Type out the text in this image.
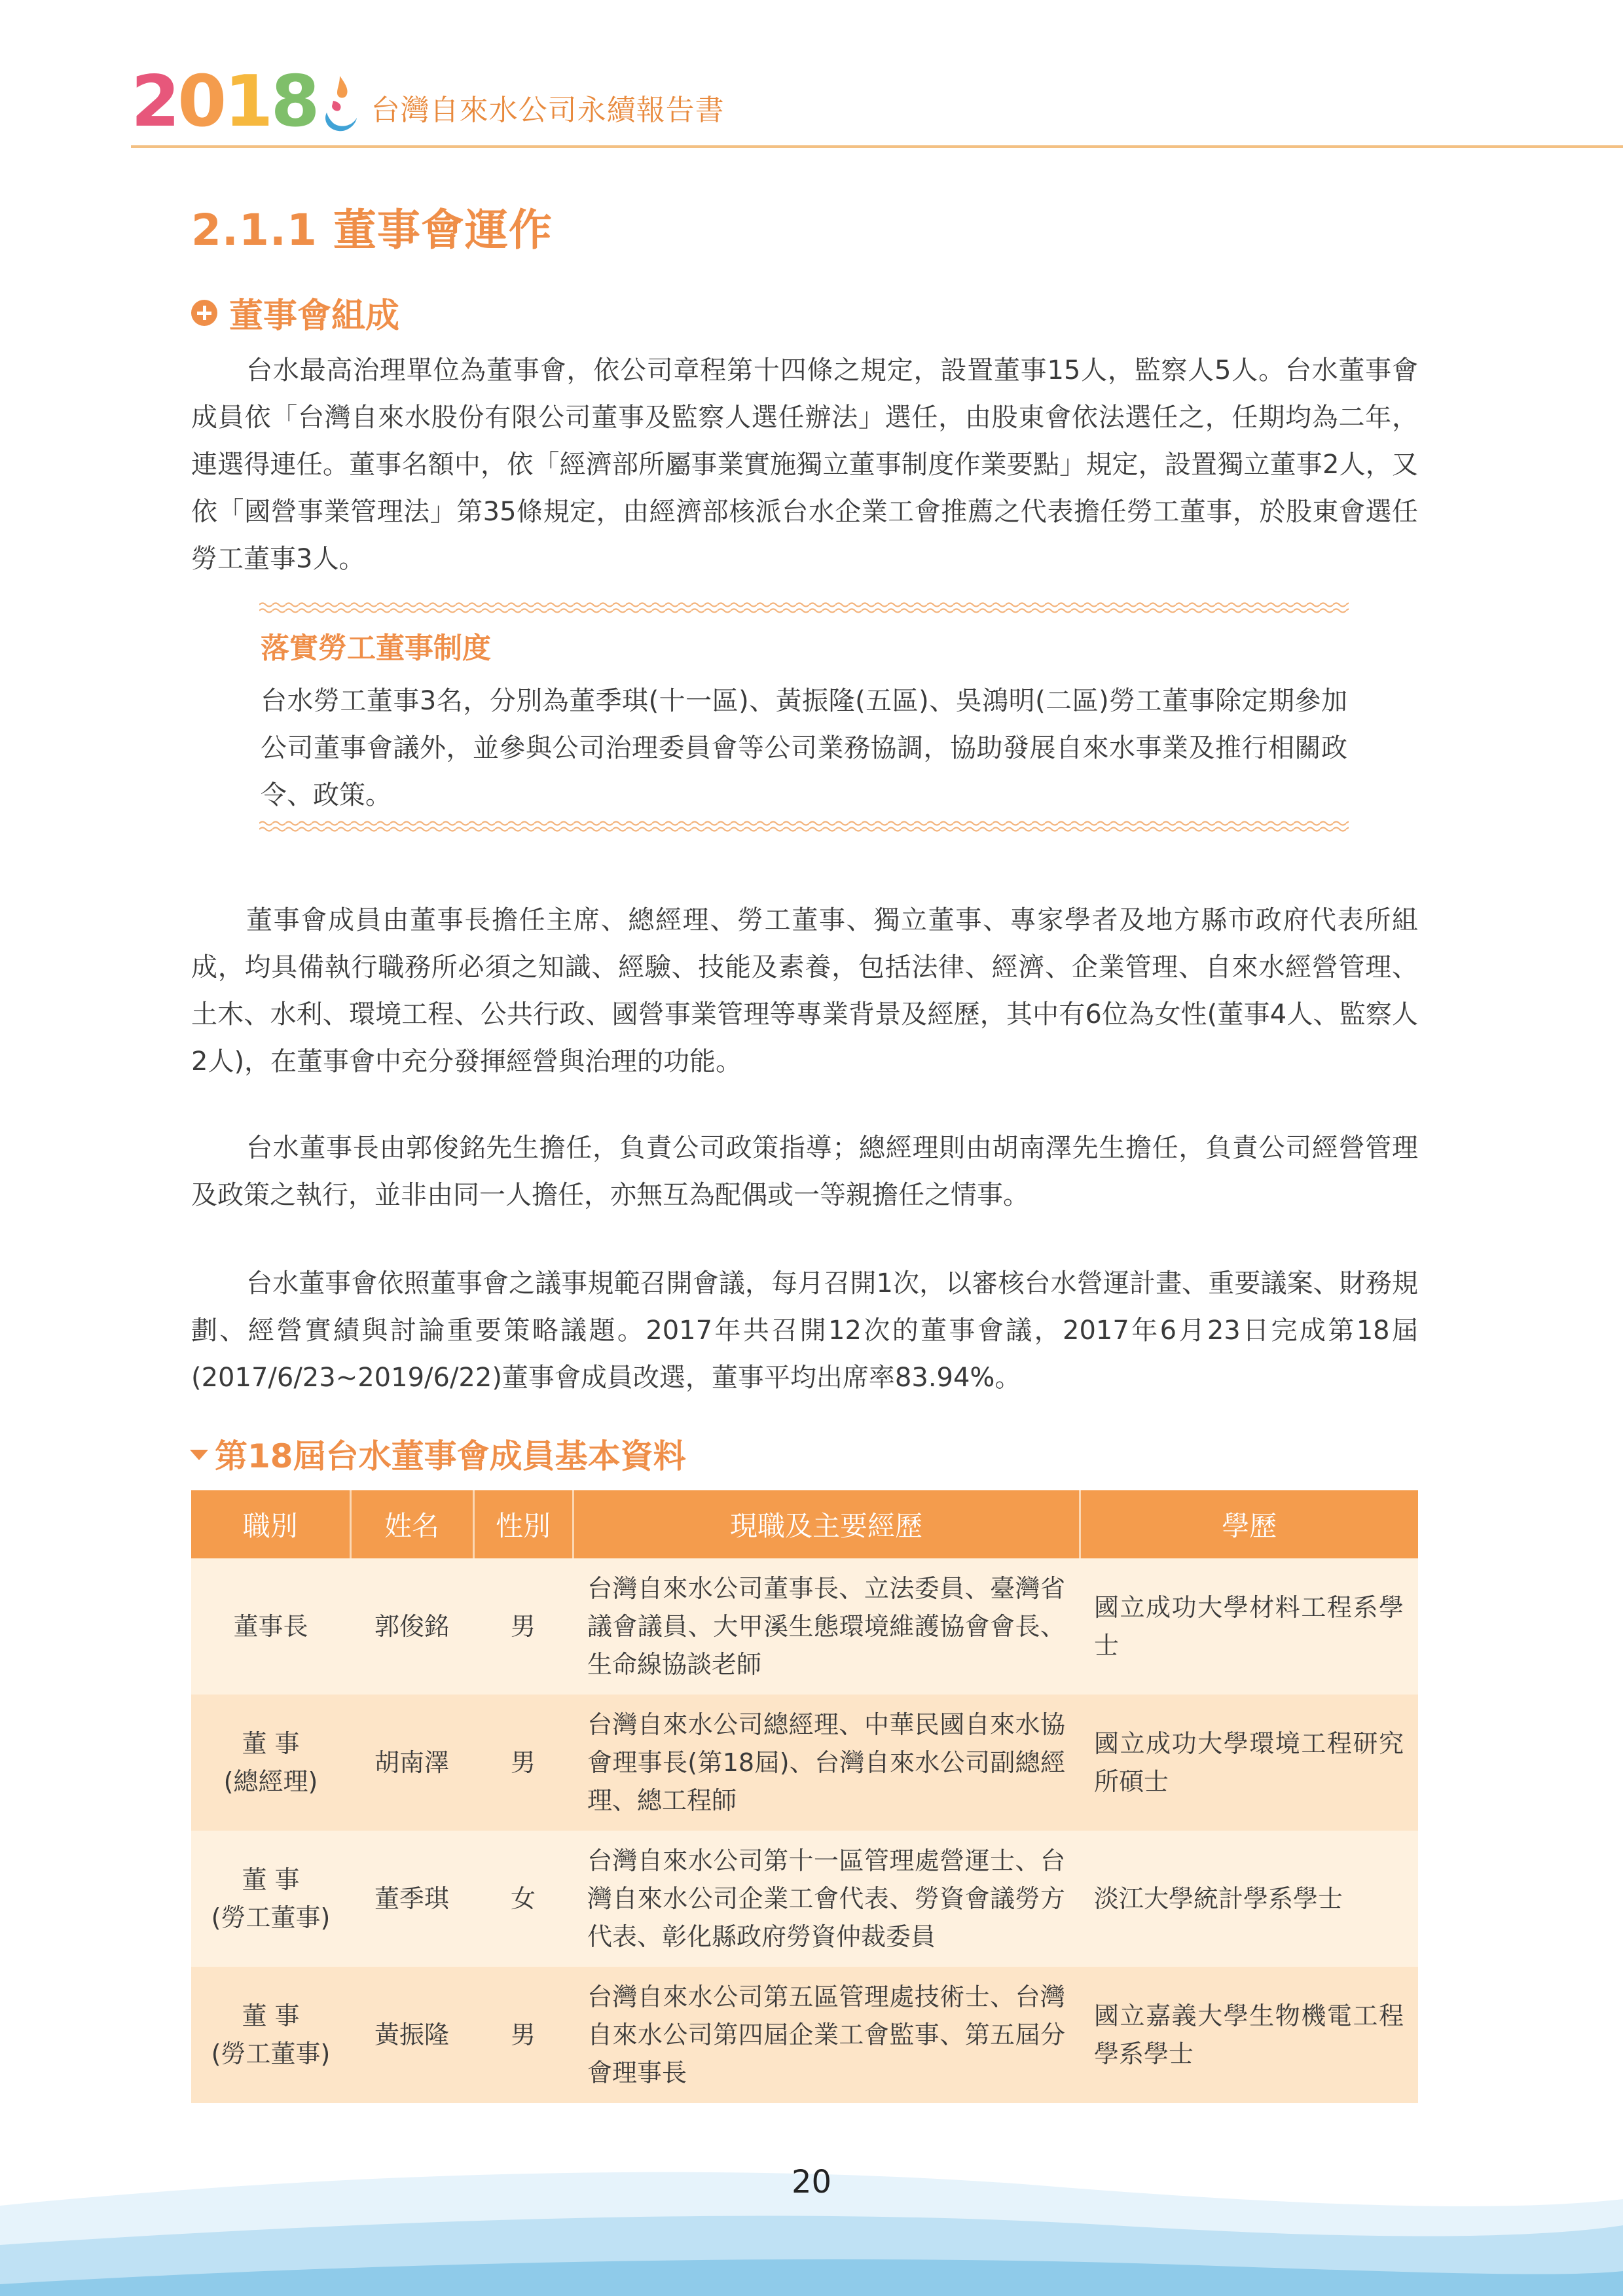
2 0 1 8 台灣自來水公司永續報告書
2.1.1 董事會運作
董事會組成

台水最高治理單位為董事會，依公司章程第十四條之規定，設置董事15人，監察人5人。台水董事會成員依「台灣自來水股份有限公司董事及監察人選任辦法」選任，由股東會依法選任之，任期均為二年，連選得連任。董事名額中，依「經濟部所屬事業實施獨立董事制度作業要點」規定，設置獨立董事2人，又依「國營事業管理法」第35條規定，由經濟部核派台水企業工會推薦之代表擔任勞工董事，於股東會選任勞工董事3人。

落實勞工董事制度

台水勞工董事3名，分別為董季琪(十一區)、黃振隆(五區)、吳鴻明(二區)勞工董事除定期參加公司董事會議外，並參與公司治理委員會等公司業務協調，協助發展自來水事業及推行相關政令、政策。

董事會成員由董事長擔任主席、總經理、勞工董事、獨立董事、專家學者及地方縣市政府代表所組成，均具備執行職務所必須之知識、經驗、技能及素養，包括法律、經濟、企業管理、自來水經營管理、土木、水利、環境工程、公共行政、國營事業管理等專業背景及經歷，其中有6位為女性(董事4人、監察人2人)，在董事會中充分發揮經營與治理的功能。

台水董事長由郭俊銘先生擔任，負責公司政策指導；總經理則由胡南澤先生擔任，負責公司經營管理及政策之執行，並非由同一人擔任，亦無互為配偶或一等親擔任之情事。

台水董事會依照董事會之議事規範召開會議，每月召開1次，以審核台水營運計畫、重要議案、財務規劃、經營實績與討論重要策略議題。2017年共召開12次的董事會議，2017年6月23日完成第18屆(2017/6/23~2019/6/22)董事會成員改選，董事平均出席率83.94%。

第18屆台水董事會成員基本資料
職別	姓名	性別	現職及主要經歷	學歷

董事長	郭俊銘	男	台灣自來水公司董事長、立法委員、臺灣省議會議員、大甲溪生態環境維護協會會長、生命線協談老師	國立成功大學材料工程系學士

董 事
(總經理)	胡南澤	男	台灣自來水公司總經理、中華民國自來水協會理事長(第18屆)、台灣自來水公司副總經理、總工程師	國立成功大學環境工程研究所碩士

董 事
(勞工董事)	董季琪	女	台灣自來水公司第十一區管理處營運士、台灣自來水公司企業工會代表、勞資會議勞方代表、彰化縣政府勞資仲裁委員	淡江大學統計學系學士

董 事
(勞工董事)	黃振隆	男	台灣自來水公司第五區管理處技術士、台灣自來水公司第四屆企業工會監事、第五屆分會理事長	國立嘉義大學生物機電工程學系學士
20
